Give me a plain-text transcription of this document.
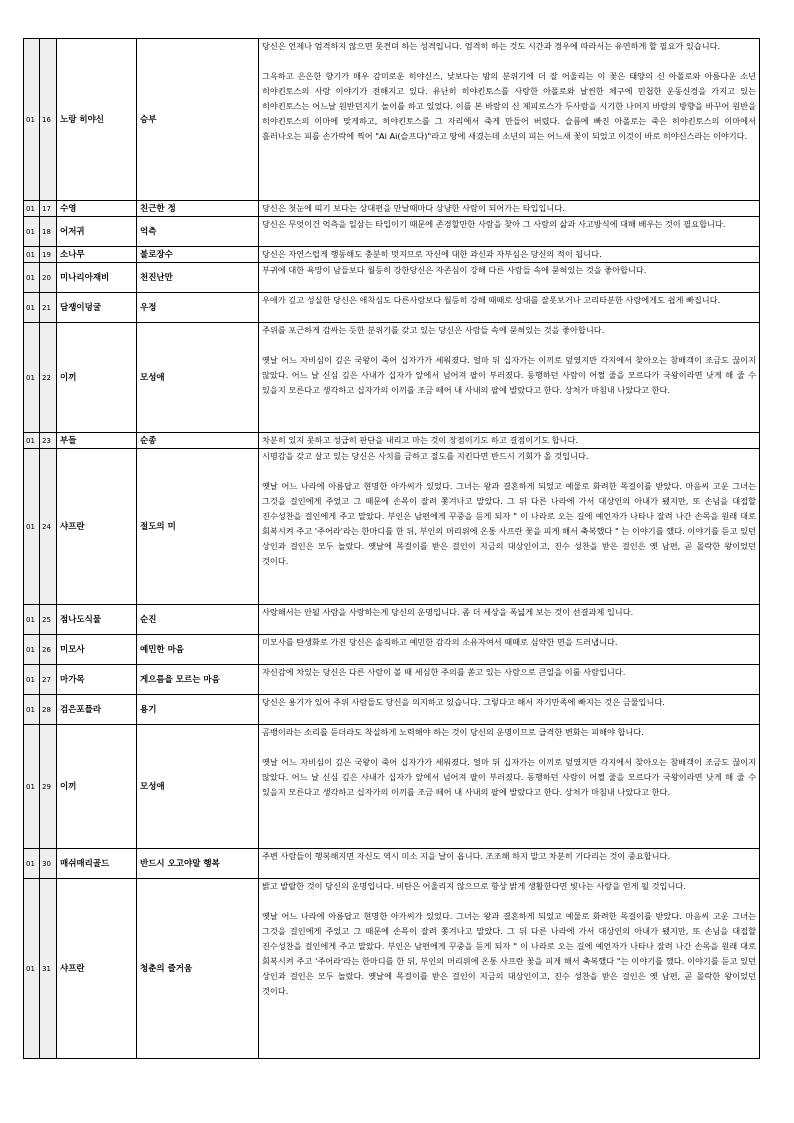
01	16	노랑 히야신	승부	당신은 언제나 엄격하지 않으면 못견뎌 하는 성격입니다. 엄격히 하는 것도 시간과 경우에 따라서는 유연하게 할 필요가 있습니다.

그윽하고 은은한 향기가 매우 감미로운 히야신스, 낮보다는 밤의 분위기에 더 잘 어울리는 이 꽃은 태양의 신 아폴로와 아름다운 소년 히야킨토스의 사랑 이야기가 전해지고 있다. 유난히 히야킨토스를 사랑한 아폴로와 날씬한 체구에 민첩한 운동신경을 가지고 있는 히야킨토스는 어느날 원반던지기 놀이를 하고 있었다. 이를 본 바람의 신 제피로스가 두사람을 시기한 나머지 바람의 방향을 바꾸어 원반을 히야킨토스의 이마에 맞게하고, 히야킨토스를 그 자리에서 죽게 만들어 버렸다. 슬픔에 빠진 아폴로는 죽은 히야킨토스의 이마에서 흘러나오는 피를 손가락에 찍어 "Ai Ai(슬프다)"라고 땅에 새겼는데 소년의 피는 어느새 꽃이 되었고 이것이 바로 히야신스라는 이야기다.
01	17	수영	친근한 정	당신은 첫눈에 띠기 보다는 상대편을 만날때마다 상냥한 사람이 되어가는 타입입니다.
01	18	어저귀	억측	당신은 무엇이건 억측을 일삼는 타입이기 때문에 존경할만한 사람을 찾아 그 사람의 삶과 사고방식에 대해 배우는 것이 필요합니다.
01	19	소나무	불로장수	당신은 자연스럽게 행동해도 충분히 멋지므로 자신에 대한 과신과 자부심은 당신의 적이 됩니다.
01	20	미나리아재비	천진난만	부귀에 대한 욕망이 남들보다 월등히 강한당신은 자존심이 강해 다른 사람들 속에 묻혀있는 것을 좋아합니다.
01	21	담쟁이덩굴	우정	우애가 깊고 성실한 당신은 애착심도 다른사람보다 월등히 강해 때때로 상대를 잘못보거나 고리타분한 사람에게도 쉽게 빠집니다.
01	22	이끼	모성애	주위를 포근하게 감싸는 듯한 분위기를 갖고 있는 당신은 사람들 속에 묻혀있는 것을 좋아합니다.

옛날 어느 자비심이 깊은 국왕이 죽어 십자가가 세워졌다. 얼마 뒤 십자가는 이끼로 덮였지만 각지에서 찾아오는 참배객이 조금도 끊이지 않았다. 어느 날 신심 깊은 사내가 십자가 앞에서 넘어져 팔이 부러졌다. 동행하던 사람이 어쩔 줄을 모르다가 국왕이라면 낫게 해 줄 수 있을지 모른다고 생각하고 십자가의 이끼를 조금 떼어 내 사내의 팔에 발랐다고 한다. 상처가 마침내 나았다고 한다.
01	23	부들	순종	차분히 있지 못하고 성급히 판단을 내리고 마는 것이 장점이기도 하고 결점이기도 합니다.
01	24	샤프란	절도의 미	시명감을 갖고 살고 있는 당신은 사치를 금하고 절도를 지킨다면 반드시 기회가 올 것입니다.

옛날 어느 나라에 아름답고 현명한 아가씨가 있었다. 그녀는 왕과 결혼하게 되었고 예물로 화려한 목걸이를 받았다. 마음씨 고운 그녀는 그것을 걸인에게 주었고 그 때문에 손목이 잘려 쫓겨나고 말았다. 그 뒤 다른 나라에 가서 대상인의 아내가 됐지만, 또 손님을 대접할 진수성찬을 걸인에게 주고 말았다. 부인은 남편에게 꾸중을 듣게 되자 " 이 나라로 오는 길에 예언자가 나타나 잘려 나간 손목을 원래 대로 회복시켜 주고 '주어라'라는 한마디를 한 뒤, 부인의 머리위에 온통 사프란 꽃을 피게 해서 축복했다 " 는 이야기를 했다. 이야기를 듣고 있던 상인과 걸인은 모두 놀랐다. 옛날에 목걸이를 받은 걸인이 지금의 대상인이고, 진수 성찬을 받은 걸인은 옛 남편, 곧 몰락한 왕이었던 것이다.
01	25	점나도식물	순진	사랑해서는 안될 사람을 사랑하는게 당신의 운명입니다. 좀 더 세상을 폭넓게 보는 것이 선결과제 입니다.
01	26	미모사	예민한 마음	미모사를 탄생화로 가진 당신은 솔직하고 예민한 감각의 소유자여서 때때로 심약한 면을 드러냅니다.
01	27	마가목	게으름을 모르는 마음	자신감에 차있는 당신은 다른 사람이 볼 때 세심한 주의를 쏟고 있는 사람으로 큰일을 이룰 사람입니다.
01	28	검은포플라	용기	당신은 용기가 있어 주위 사람들도 당신을 의지하고 있습니다. 그렇다고 해서 자기만족에 빠지는 것은 금물입니다.
01	29	이끼	모성애	곰뱅이라는 소리를 듣더라도 착실하게 노력해야 하는 것이 당신의 운명이므로 급격한 변화는 피해야 합니다.

옛날 어느 자비심이 깊은 국왕이 죽어 십자가가 세워졌다. 얼마 뒤 십자가는 이끼로 덮였지만 각지에서 찾아오는 참배객이 조금도 끊이지 않았다. 어느 날 신심 깊은 사내가 십자가 앞에서 넘어져 팔이 부러졌다. 동행하던 사람이 어쩔 줄을 모르다가 국왕이라면 낫게 해 줄 수 있을지 모른다고 생각하고 십자가의 이끼를 조금 떼어 내 사내의 팔에 발랐다고 한다. 상처가 마침내 나았다고 한다.
01	30	매쉬매리골드	반드시 오고야말 행복	주변 사람들이 행복해지면 자신도 역시 미소 지을 날이 옵니다. 조조해 하지 말고 차분히 기다리는 것이 중요합니다.
01	31	샤프란	청춘의 즐거움	밝고 발랄한 것이 당신의 운명입니다. 비탄은 어울리지 않으므로 항상 밝게 생활한다면 빛나는 사랑을 얻게 될 것입니다.

옛날 어느 나라에 아름답고 현명한 아가씨가 있었다. 그녀는 왕과 결혼하게 되었고 예물로 화려한 목걸이를 받았다. 마음씨 고운 그녀는 그것을 걸인에게 주었고 그 때문에 손목이 잘려 쫓겨나고 말았다. 그 뒤 다른 나라에 가서 대상인의 아내가 됐지만, 또 손님을 대접할 진수성찬을 걸인에게 주고 말았다. 부인은 남편에게 꾸중을 듣게 되자 " 이 나라로 오는 길에 예언자가 나타나 잘려 나간 손목을 원래 대로 회복시켜 주고 '주어라'라는 한마디를 한 뒤, 부인의 머리위에 온통 사프란 꽃을 피게 해서 축복했다 "는 이야기를 했다. 이야기를 듣고 있던 상인과 걸인은 모두 놀랐다. 옛날에 목걸이를 받은 걸인이 지금의 대상인이고, 진수 성찬을 받은 걸인은 옛 남편, 곧 몰락한 왕이었던 것이다.
